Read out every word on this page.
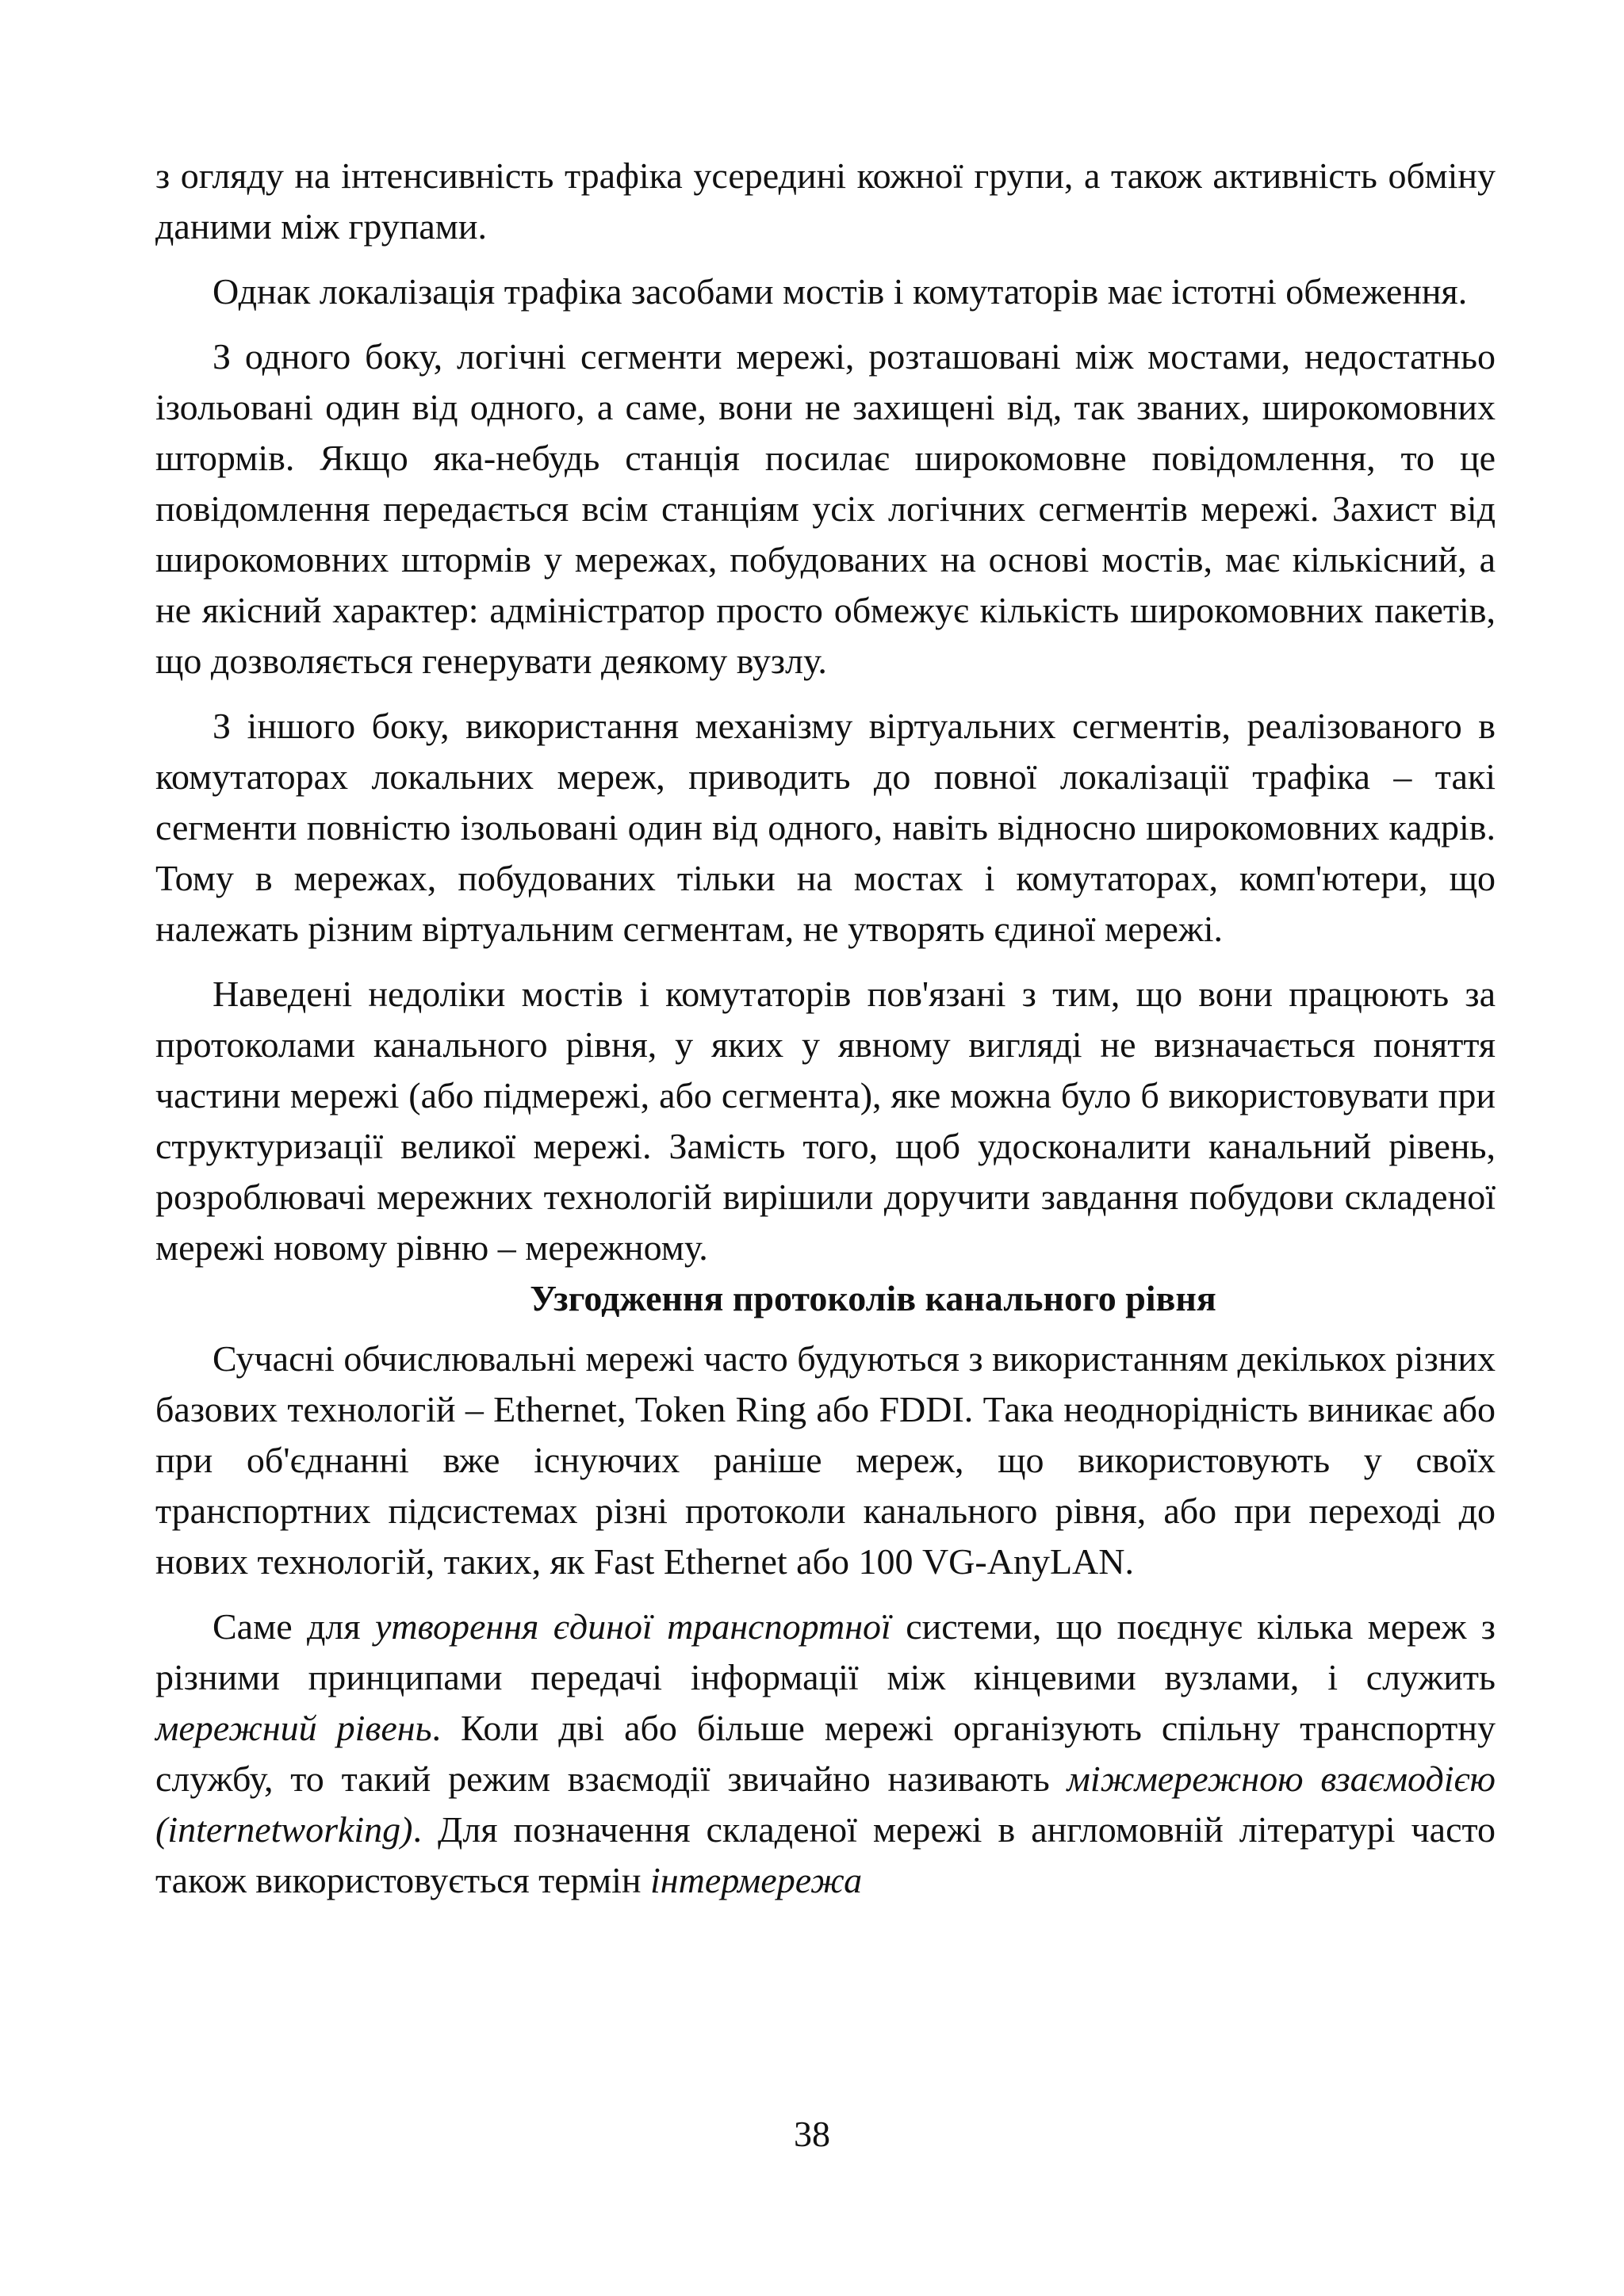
з огляду на інтенсивність трафіка усередині кожної групи, а також активність обміну даними між групами.

Однак локалізація трафіка засобами мостів і комутаторів має істотні обмеження.

З одного боку, логічні сегменти мережі, розташовані між мостами, недостатньо ізольовані один від одного, а саме, вони не захищені від, так званих, широкомовних штормів. Якщо яка-небудь станція посилає широкомовне повідомлення, то це повідомлення передається всім станціям усіх логічних сегментів мережі. Захист від широкомовних штормів у мережах, побудованих на основі мостів, має кількісний, а не якісний характер: адміністратор просто обмежує кількість широкомовних пакетів, що дозволяється генерувати деякому вузлу.

З іншого боку, використання механізму віртуальних сегментів, реалізованого в комутаторах локальних мереж, приводить до повної локалізації трафіка – такі сегменти повністю ізольовані один від одного, навіть відносно широкомовних кадрів. Тому в мережах, побудованих тільки на мостах і комутаторах, комп'ютери, що належать різним віртуальним сегментам, не утворять єдиної мережі.

Наведені недоліки мостів і комутаторів пов'язані з тим, що вони працюють за протоколами канального рівня, у яких у явному вигляді не визначається поняття частини мережі (або підмережі, або сегмента), яке можна було б використовувати при структуризації великої мережі. Замість того, щоб удосконалити канальний рівень, розроблювачі мережних технологій вирішили доручити завдання побудови складеної мережі новому рівню – мережному.

Узгодження протоколів канального рівня

Сучасні обчислювальні мережі часто будуються з використанням декількох різних базових технологій – Ethernet, Token Ring або FDDI. Така неоднорідність виникає або при об'єднанні вже існуючих раніше мереж, що використовують у своїх транспортних підсистемах різні протоколи канального рівня, або при переході до нових технологій, таких, як Fast Ethernet або 100 VG-AnyLAN.

Саме для утворення єдиної транспортної системи, що поєднує кілька мереж з різними принципами передачі інформації між кінцевими вузлами, і служить мережний рівень. Коли дві або більше мережі організують спільну транспортну службу, то такий режим взаємодії звичайно називають міжмережною взаємодією (internetworking). Для позначення складеної мережі в англомовній літературі часто також використовується термін інтермережа

38
